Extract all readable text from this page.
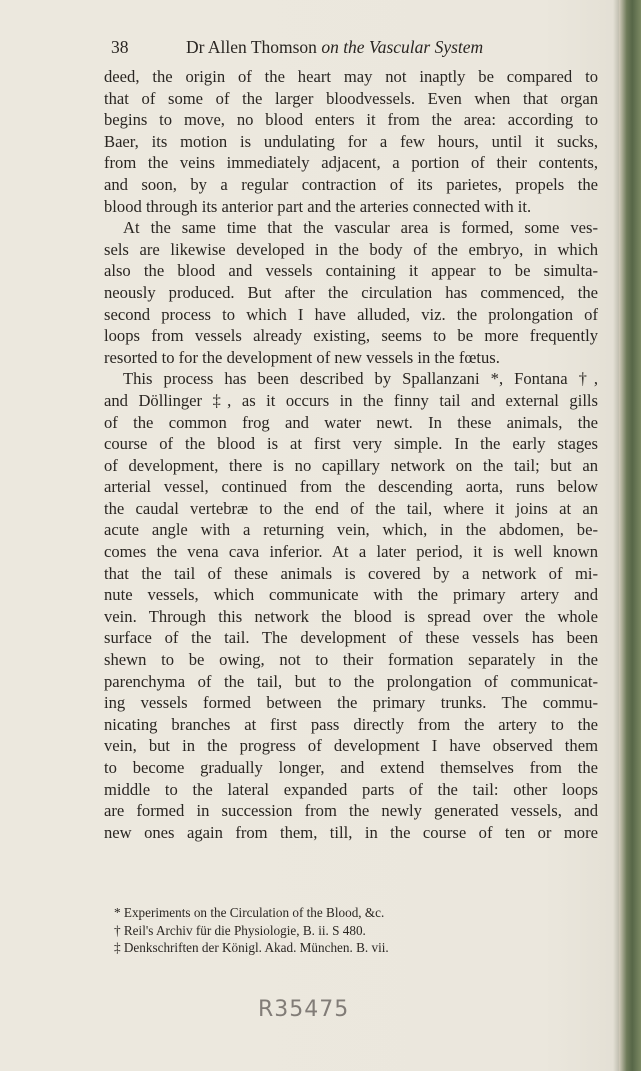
38	Dr Allen Thomson on the Vascular System
deed, the origin of the heart may not inaptly be compared to
that of some of the larger bloodvessels. Even when that organ
begins to move, no blood enters it from the area: according to
Baer, its motion is undulating for a few hours, until it sucks,
from the veins immediately adjacent, a portion of their contents,
and soon, by a regular contraction of its parietes, propels the
blood through its anterior part and the arteries connected with it.
At the same time that the vascular area is formed, some ves-
sels are likewise developed in the body of the embryo, in which
also the blood and vessels containing it appear to be simulta-
neously produced. But after the circulation has commenced, the
second process to which I have alluded, viz. the prolongation of
loops from vessels already existing, seems to be more frequently
resorted to for the development of new vessels in the fœtus.
This process has been described by Spallanzani *, Fontana †,
and Döllinger ‡, as it occurs in the finny tail and external gills
of the common frog and water newt. In these animals, the
course of the blood is at first very simple. In the early stages
of development, there is no capillary network on the tail; but an
arterial vessel, continued from the descending aorta, runs below
the caudal vertebræ to the end of the tail, where it joins at an
acute angle with a returning vein, which, in the abdomen, be-
comes the vena cava inferior. At a later period, it is well known
that the tail of these animals is covered by a network of mi-
nute vessels, which communicate with the primary artery and
vein. Through this network the blood is spread over the whole
surface of the tail. The development of these vessels has been
shewn to be owing, not to their formation separately in the
parenchyma of the tail, but to the prolongation of communicat-
ing vessels formed between the primary trunks. The commu-
nicating branches at first pass directly from the artery to the
vein, but in the progress of development I have observed them
to become gradually longer, and extend themselves from the
middle to the lateral expanded parts of the tail: other loops
are formed in succession from the newly generated vessels, and
new ones again from them, till, in the course of ten or more
* Experiments on the Circulation of the Blood, &c.
† Reil's Archiv für die Physiologie, B. ii. S 480.
‡ Denkschriften der Königl. Akad. München. B. vii.
R35475
